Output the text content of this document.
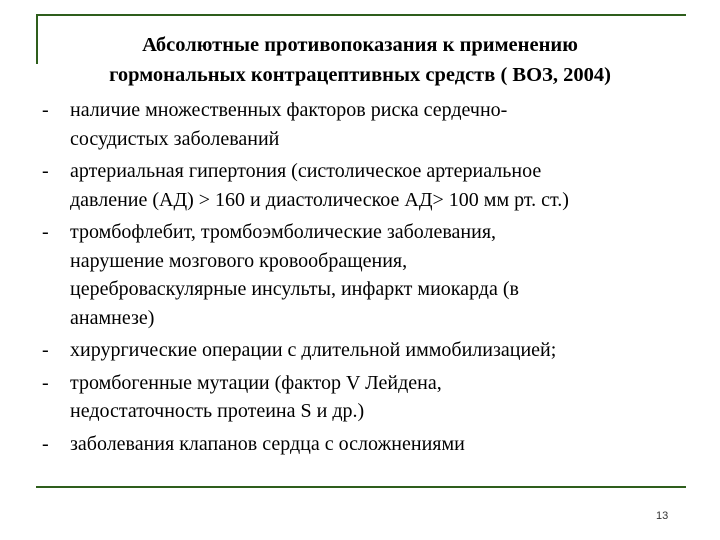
Абсолютные противопоказания к применению
гормональных контрацептивных средств ( ВОЗ, 2004)
- наличие множественных факторов риска сердечно-
сосудистых заболеваний
- артериальная гипертония (систолическое артериальное
давление (АД) > 160 и диастолическое АД> 100 мм рт. ст.)
- тромбофлебит, тромбоэмболические заболевания,
нарушение мозгового кровообращения,
цереброваскулярные инсульты, инфаркт миокарда (в
анамнезе)
- хирургические операции с длительной иммобилизацией;
- тромбогенные мутации (фактор V Лейдена,
недостаточность протеина S и др.)
- заболевания клапанов сердца с осложнениями
13
